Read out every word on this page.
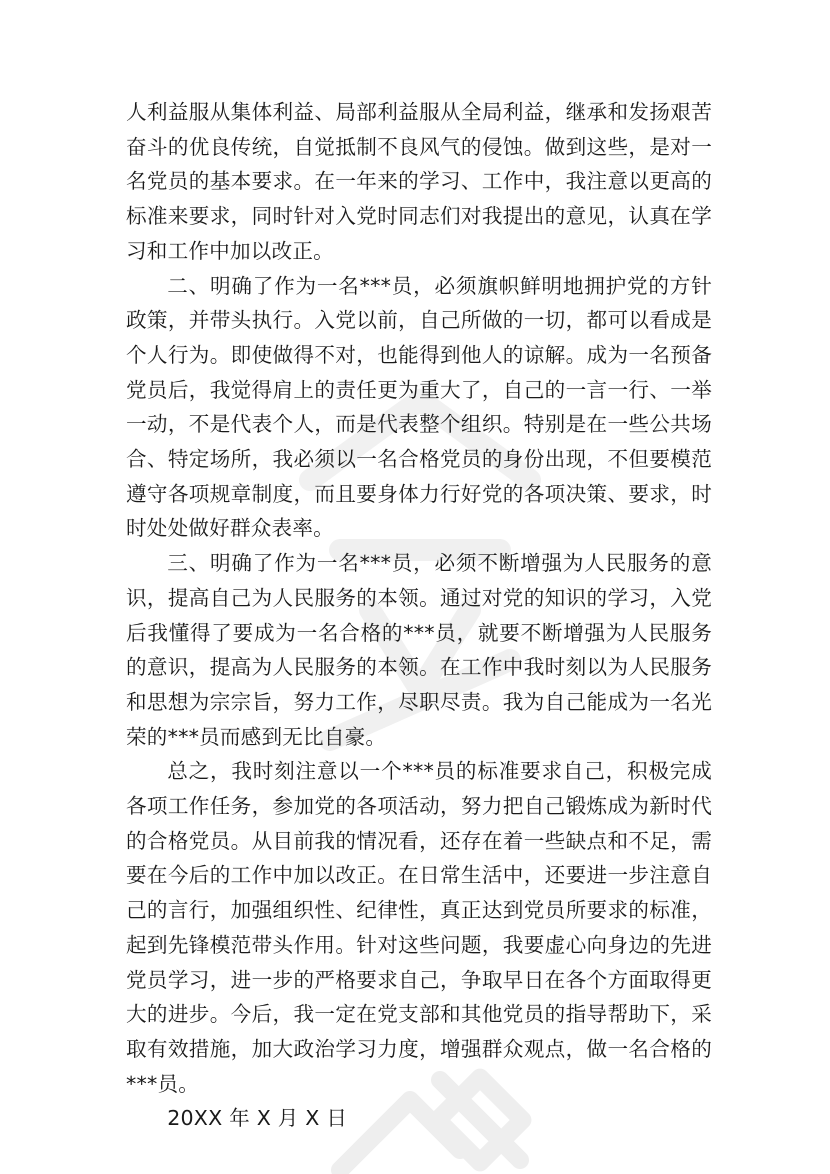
人利益服从集体利益、局部利益服从全局利益，继承和发扬艰苦奋斗的优良传统，自觉抵制不良风气的侵蚀。做到这些，是对一名党员的基本要求。在一年来的学习、工作中，我注意以更高的标准来要求，同时针对入党时同志们对我提出的意见，认真在学习和工作中加以改正。

二、明确了作为一名***员，必须旗帜鲜明地拥护党的方针政策，并带头执行。入党以前，自己所做的一切，都可以看成是个人行为。即使做得不对，也能得到他人的谅解。成为一名预备党员后，我觉得肩上的责任更为重大了，自己的一言一行、一举一动，不是代表个人，而是代表整个组织。特别是在一些公共场合、特定场所，我必须以一名合格党员的身份出现，不但要模范遵守各项规章制度，而且要身体力行好党的各项决策、要求，时时处处做好群众表率。

三、明确了作为一名***员，必须不断增强为人民服务的意识，提高自己为人民服务的本领。通过对党的知识的学习，入党后我懂得了要成为一名合格的***员，就要不断增强为人民服务的意识，提高为人民服务的本领。在工作中我时刻以为人民服务和思想为宗宗旨，努力工作，尽职尽责。我为自己能成为一名光荣的***员而感到无比自豪。

总之，我时刻注意以一个***员的标准要求自己，积极完成各项工作任务，参加党的各项活动，努力把自己锻炼成为新时代的合格党员。从目前我的情况看，还存在着一些缺点和不足，需要在今后的工作中加以改正。在日常生活中，还要进一步注意自己的言行，加强组织性、纪律性，真正达到党员所要求的标准，起到先锋模范带头作用。针对这些问题，我要虚心向身边的先进党员学习，进一步的严格要求自己，争取早日在各个方面取得更大的进步。今后，我一定在党支部和其他党员的指导帮助下，采取有效措施，加大政治学习力度，增强群众观点，做一名合格的***员。

20XX 年 X 月 X 日
